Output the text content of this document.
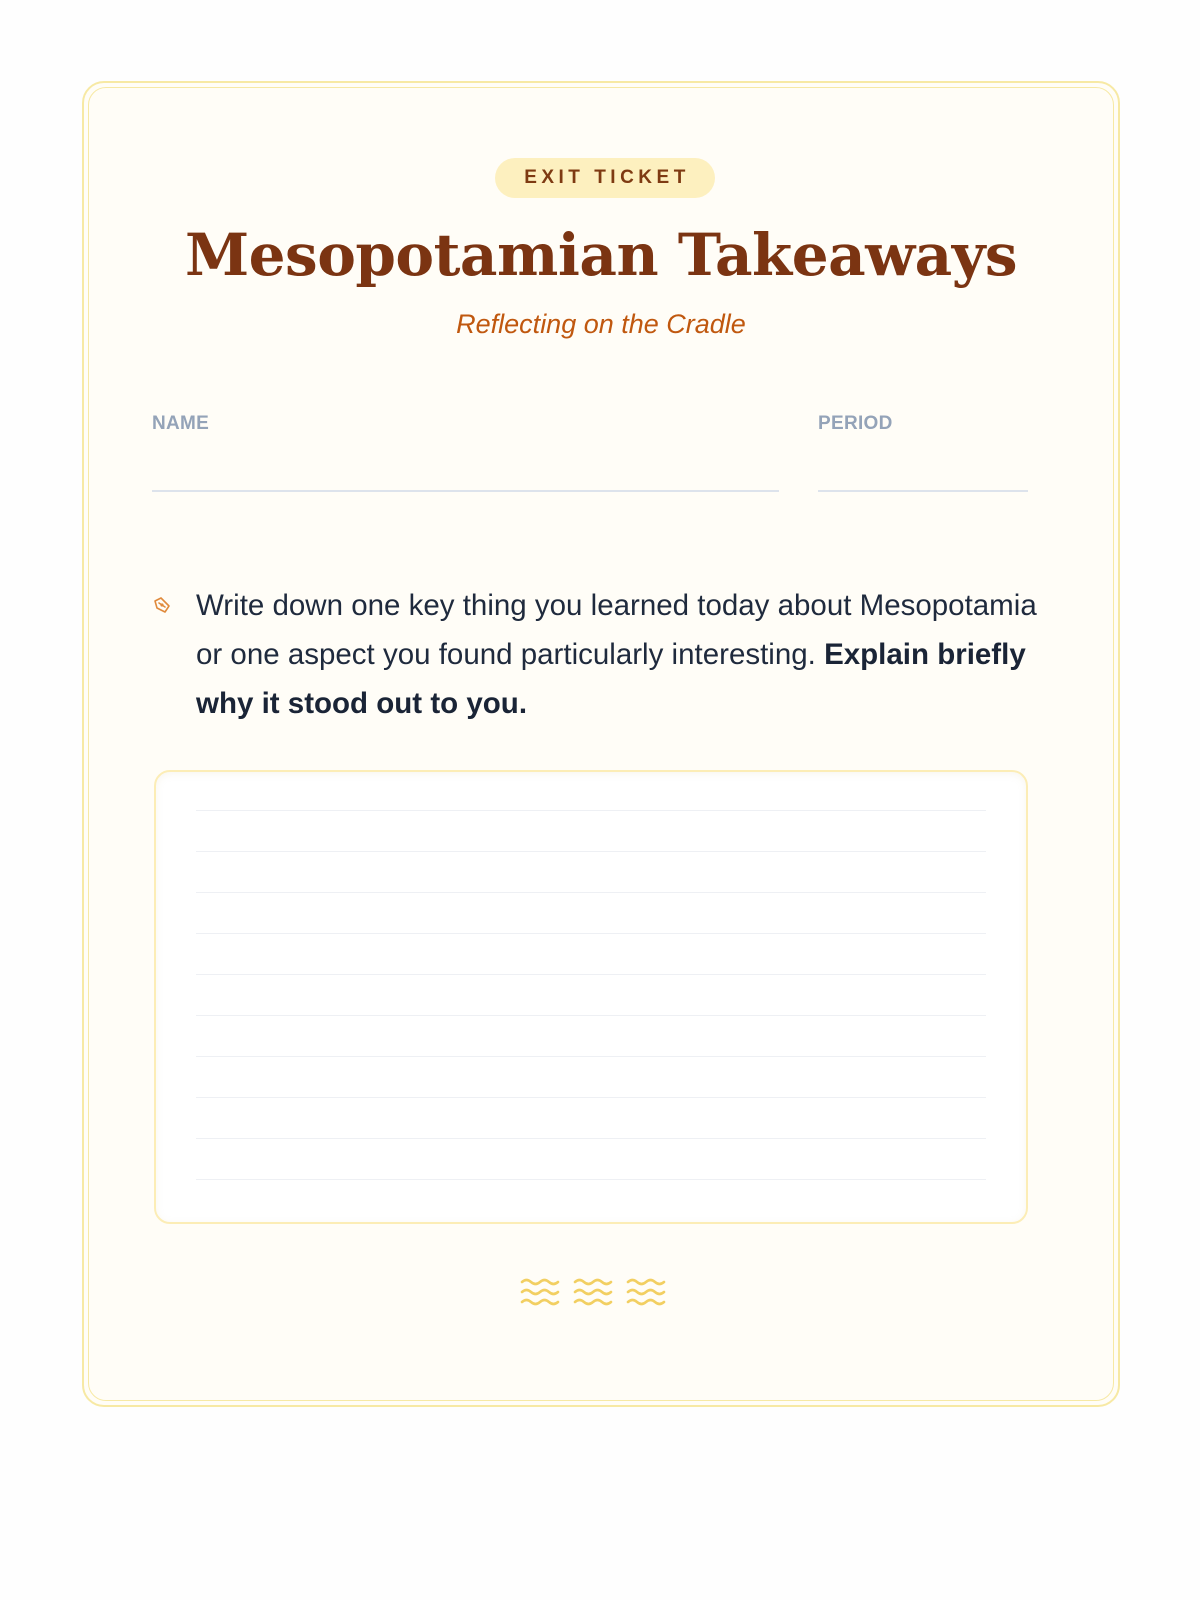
EXIT TICKET
Mesopotamian Takeaways
Reflecting on the Cradle
NAME	PERIOD

Write down one key thing you learned today about Mesopotamia or one aspect you found particularly interesting. Explain briefly why it stood out to you.
